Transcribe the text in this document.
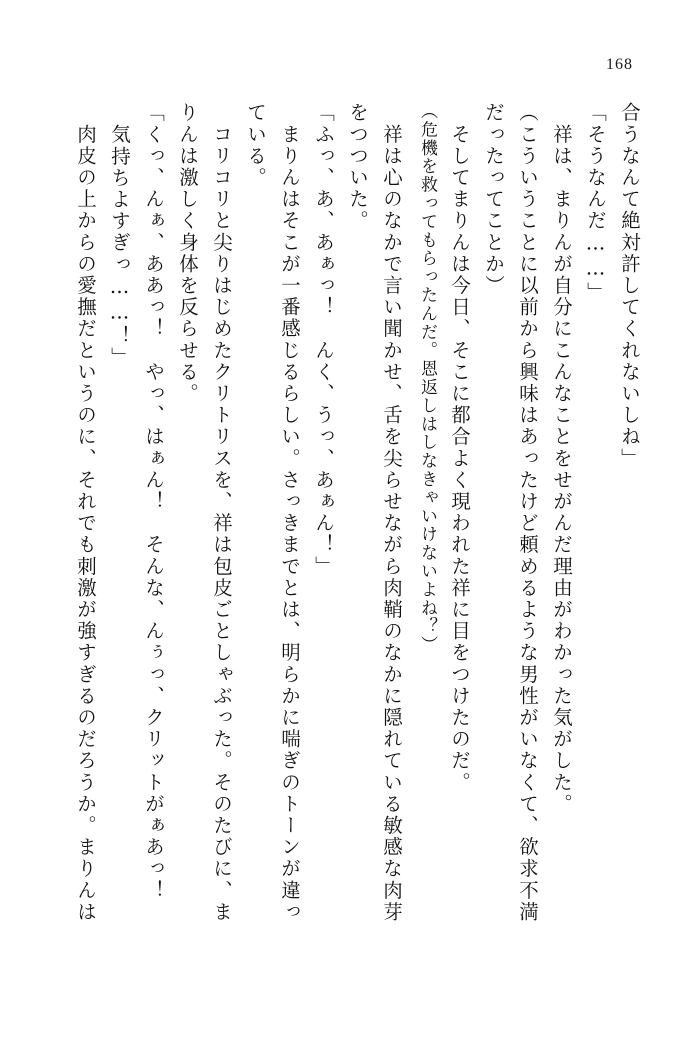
168
合うなんて絶対許してくれないしね」
「そうなんだ……」
　祥は、まりんが自分にこんなことをせがんだ理由がわかった気がした。
（こういうことに以前から興味はあったけど頼めるような男性がいなくて、欲求不満
だったってことか）
　そしてまりんは今日、そこに都合よく現われた祥に目をつけたのだ。
（危機を救ってもらったんだ。恩返しはしなきゃいけないよね？）
　祥は心のなかで言い聞かせ、舌を尖らせながら肉鞘のなかに隠れている敏感な肉芽
をつついた。
「ふっ、あ、あぁっ！　んく、うっ、あぁん！」
　まりんはそこが一番感じるらしい。さっきまでとは、明らかに喘ぎのトーンが違っ
ている。
　コリコリと尖りはじめたクリトリスを、祥は包皮ごとしゃぶった。そのたびに、ま
りんは激しく身体を反らせる。
「くっ、んぁ、ああっ！　やっ、はぁん！　そんな、んぅっ、クリットがぁあっ！
気持ちよすぎっ……！」
　肉皮の上からの愛撫だというのに、それでも刺激が強すぎるのだろうか。まりんは
